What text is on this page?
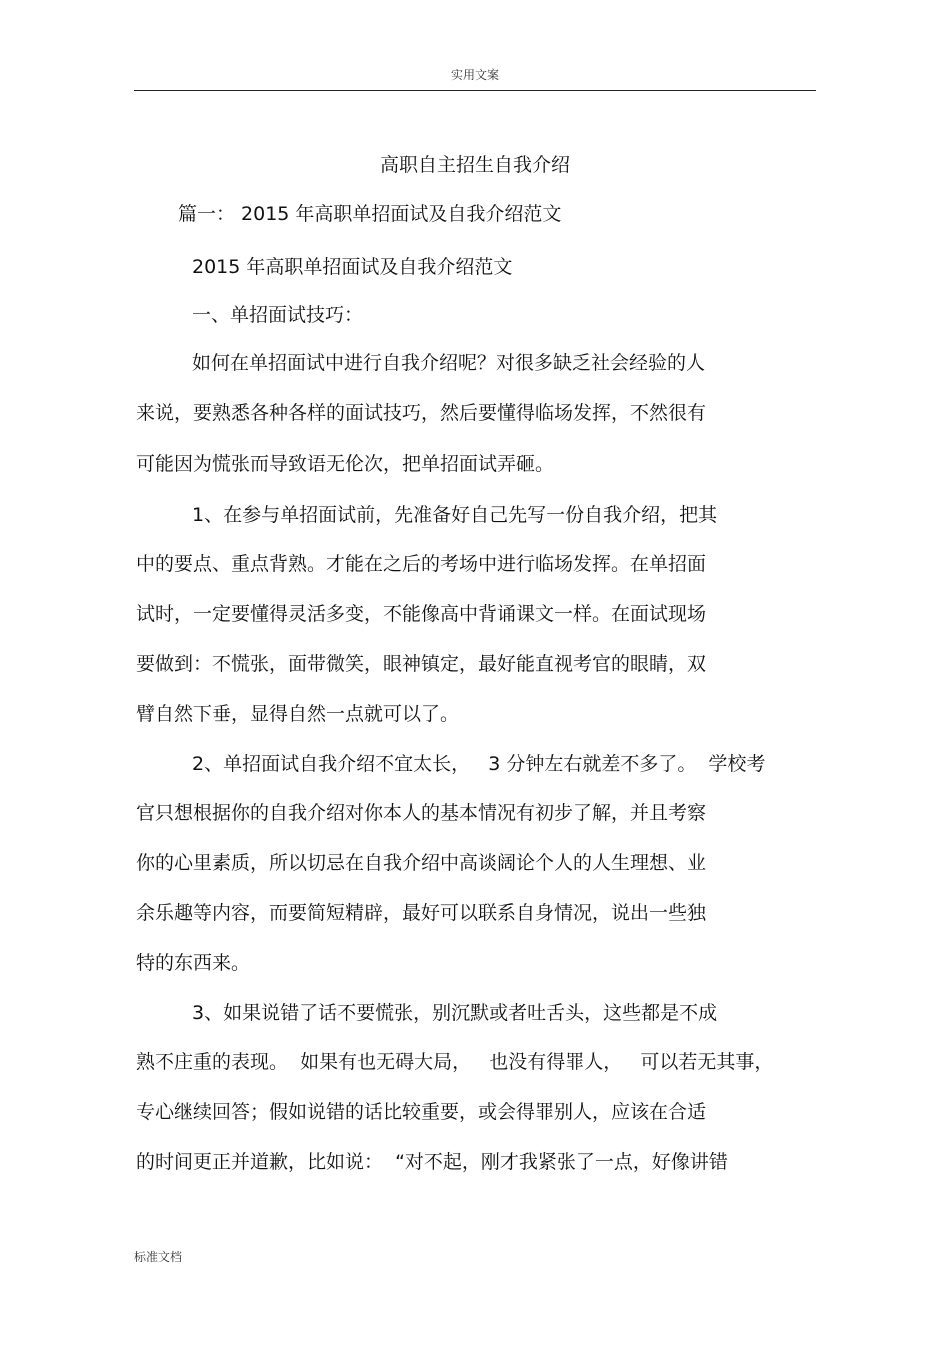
实用文案
高职自主招生自我介绍
篇一： 2015 年高职单招面试及自我介绍范文
2015 年高职单招面试及自我介绍范文
一、单招面试技巧：
如何在单招面试中进行自我介绍呢？对很多缺乏社会经验的人
来说，要熟悉各种各样的面试技巧，然后要懂得临场发挥，不然很有
可能因为慌张而导致语无伦次，把单招面试弄砸。
1、在参与单招面试前，先准备好自己先写一份自我介绍，把其
中的要点、重点背熟。才能在之后的考场中进行临场发挥。在单招面
试时，一定要懂得灵活多变，不能像高中背诵课文一样。在面试现场
要做到：不慌张，面带微笑，眼神镇定，最好能直视考官的眼睛，双
臂自然下垂，显得自然一点就可以了。
2、单招面试自我介绍不宜太长，   3 分钟左右就差不多了。  学校考
官只想根据你的自我介绍对你本人的基本情况有初步了解，并且考察
你的心里素质，所以切忌在自我介绍中高谈阔论个人的人生理想、业
余乐趣等内容，而要简短精辟，最好可以联系自身情况，说出一些独
特的东西来。
3、如果说错了话不要慌张，别沉默或者吐舌头，这些都是不成
熟不庄重的表现。  如果有也无碍大局，   也没有得罪人，   可以若无其事，
专心继续回答；假如说错的话比较重要，或会得罪别人，应该在合适
的时间更正并道歉，比如说：  “对不起，刚才我紧张了一点，好像讲错
标准文档
